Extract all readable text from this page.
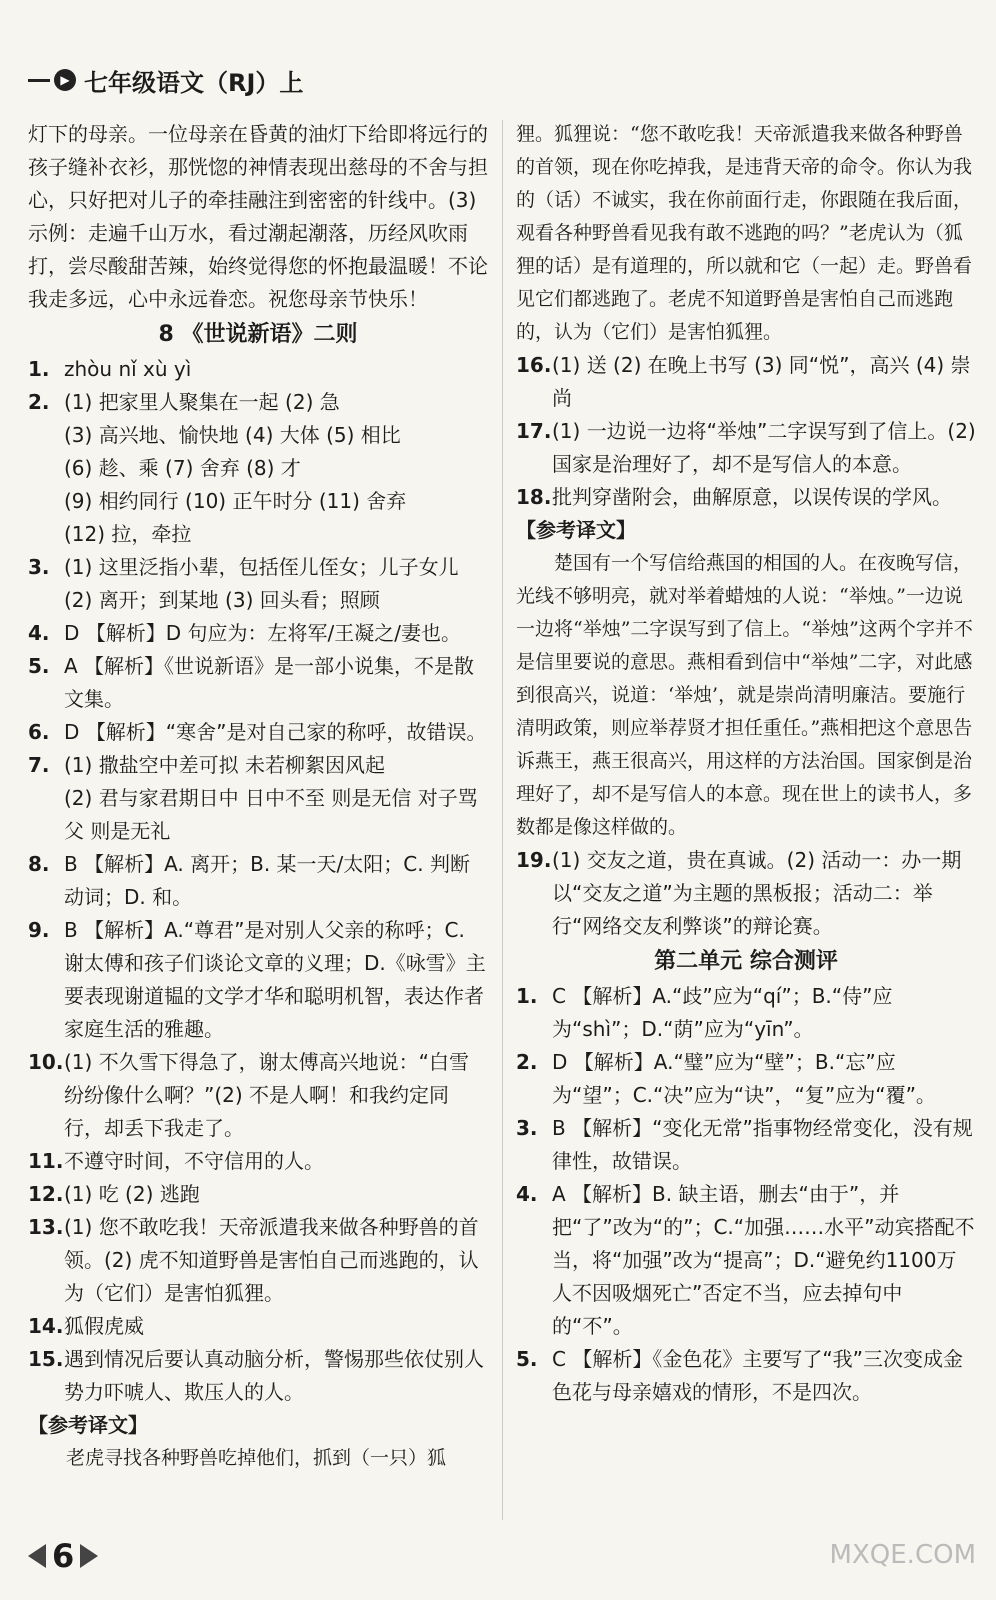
▶ 七年级语文（RJ）上

灯下的母亲。一位母亲在昏黄的油灯下给即将远行的孩子缝补衣衫，那恍惚的神情表现出慈母的不舍与担心，只好把对儿子的牵挂融注到密密的针线中。(3) 示例：走遍千山万水，看过潮起潮落，历经风吹雨打，尝尽酸甜苦辣，始终觉得您的怀抱最温暖！不论我走多远，心中永远眷恋。祝您母亲节快乐！

8 《世说新语》二则

1. zhòu nǐ xù yì
2. (1) 把家里人聚集在一起 (2) 急
(3) 高兴地、愉快地 (4) 大体 (5) 相比
(6) 趁、乘 (7) 舍弃 (8) 才
(9) 相约同行 (10) 正午时分 (11) 舍弃
(12) 拉，牵拉
3. (1) 这里泛指小辈，包括侄儿侄女；儿子女儿
(2) 离开；到某地 (3) 回头看；照顾
4. D 【解析】D 句应为：左将军/王凝之/妻也。
5. A 【解析】《世说新语》是一部小说集，不是散文集。
6. D 【解析】“寒舍”是对自己家的称呼，故错误。
7. (1) 撒盐空中差可拟 未若柳絮因风起
(2) 君与家君期日中 日中不至 则是无信 对子骂父 则是无礼
8. B 【解析】A. 离开；B. 某一天/太阳；C. 判断动词；D. 和。
9. B 【解析】A.“尊君”是对别人父亲的称呼；C. 谢太傅和孩子们谈论文章的义理；D.《咏雪》主要表现谢道韫的文学才华和聪明机智，表达作者家庭生活的雅趣。
10. (1) 不久雪下得急了，谢太傅高兴地说：“白雪纷纷像什么啊？”(2) 不是人啊！和我约定同行，却丢下我走了。
11. 不遵守时间，不守信用的人。
12. (1) 吃 (2) 逃跑
13. (1) 您不敢吃我！天帝派遣我来做各种野兽的首领。(2) 虎不知道野兽是害怕自己而逃跑的，认为（它们）是害怕狐狸。
14. 狐假虎威
15. 遇到情况后要认真动脑分析，警惕那些依仗别人势力吓唬人、欺压人的人。

【参考译文】

老虎寻找各种野兽吃掉他们，抓到（一只）狐

狸。狐狸说：“您不敢吃我！天帝派遣我来做各种野兽的首领，现在你吃掉我，是违背天帝的命令。你认为我的（话）不诚实，我在你前面行走，你跟随在我后面，观看各种野兽看见我有敢不逃跑的吗？”老虎认为（狐狸的话）是有道理的，所以就和它（一起）走。野兽看见它们都逃跑了。老虎不知道野兽是害怕自己而逃跑的，认为（它们）是害怕狐狸。

16. (1) 送 (2) 在晚上书写 (3) 同“悦”，高兴 (4) 崇尚
17. (1) 一边说一边将“举烛”二字误写到了信上。(2) 国家是治理好了，却不是写信人的本意。
18. 批判穿凿附会，曲解原意，以误传误的学风。

【参考译文】

楚国有一个写信给燕国的相国的人。在夜晚写信，光线不够明亮，就对举着蜡烛的人说：“举烛。”一边说一边将“举烛”二字误写到了信上。“举烛”这两个字并不是信里要说的意思。燕相看到信中“举烛”二字，对此感到很高兴，说道：‘举烛’，就是崇尚清明廉洁。要施行清明政策，则应举荐贤才担任重任。”燕相把这个意思告诉燕王，燕王很高兴，用这样的方法治国。国家倒是治理好了，却不是写信人的本意。现在世上的读书人，多数都是像这样做的。

19. (1) 交友之道，贵在真诚。(2) 活动一：办一期以“交友之道”为主题的黑板报；活动二：举行“网络交友利弊谈”的辩论赛。

第二单元 综合测评

1. C 【解析】A.“歧”应为“qí”；B.“侍”应为“shì”；D.“荫”应为“yīn”。
2. D 【解析】A.“璧”应为“壁”；B.“忘”应为“望”；C.“决”应为“诀”，“复”应为“覆”。
3. B 【解析】“变化无常”指事物经常变化，没有规律性，故错误。
4. A 【解析】B. 缺主语，删去“由于”，并把“了”改为“的”；C.“加强……水平”动宾搭配不当，将“加强”改为“提高”；D.“避免约1100万人不因吸烟死亡”否定不当，应去掉句中的“不”。
5. C 【解析】《金色花》主要写了“我”三次变成金色花与母亲嬉戏的情形，不是四次。
6	MXQE.COM
